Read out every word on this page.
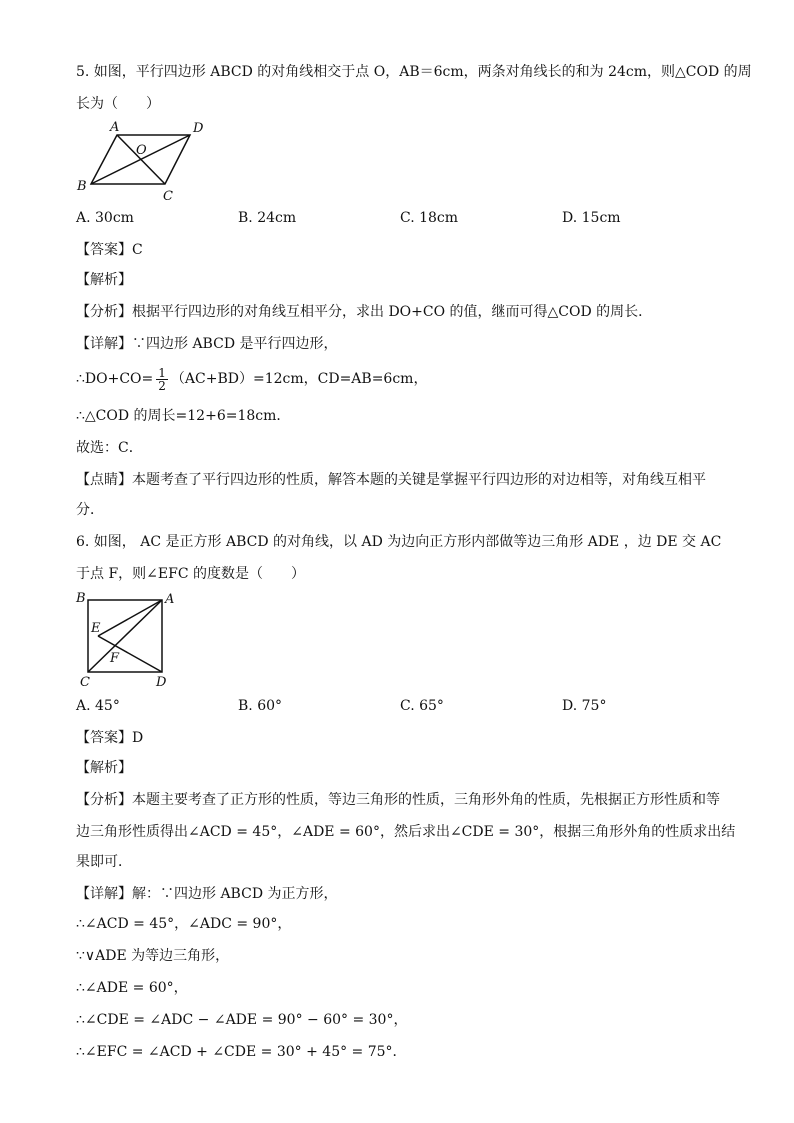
5. 如图，平行四边形 ABCD 的对角线相交于点 O，AB＝6cm，两条对角线长的和为 24cm，则△COD 的周
长为（　　）
A	D
B
C
O
A. 30cm	B. 24cm	C. 18cm	D. 15cm
【答案】C
【解析】
【分析】根据平行四边形的对角线互相平分，求出 DO+CO 的值，继而可得△COD 的周长．
【详解】∵四边形 ABCD 是平行四边形，
∴DO+CO= $\frac{1}{2} (AC+BD)=12cm$，CD=AB=6cm，
∴△COD 的周长=12+6=18cm．
故选：C．
【点睛】本题考查了平行四边形的性质，解答本题的关键是掌握平行四边形的对边相等，对角线互相平
分．
6. 如图， AC 是正方形 ABCD 的对角线，以 AD 为边向正方形内部做等边三角形 ADE ，边 DE 交 AC
于点 F，则∠EFC 的度数是（　　）
B	A
E
F
C	D
A. 45°	B. 60°	C. 65°	D. 75°
【答案】D
【解析】
【分析】本题主要考查了正方形的性质，等边三角形的性质，三角形外角的性质，先根据正方形性质和等
边三角形性质得出∠ACD = 45°，∠ADE = 60°，然后求出∠CDE = 30°，根据三角形外角的性质求出结
果即可．
【详解】解：∵四边形 ABCD 为正方形，
∴∠ACD = 45°，∠ADC = 90°，
∵∨ADE 为等边三角形，
∴∠ADE = 60°，
∴∠CDE = ∠ADC − ∠ADE = 90° − 60° = 30°，
∴∠EFC = ∠ACD + ∠CDE = 30° + 45° = 75°．
